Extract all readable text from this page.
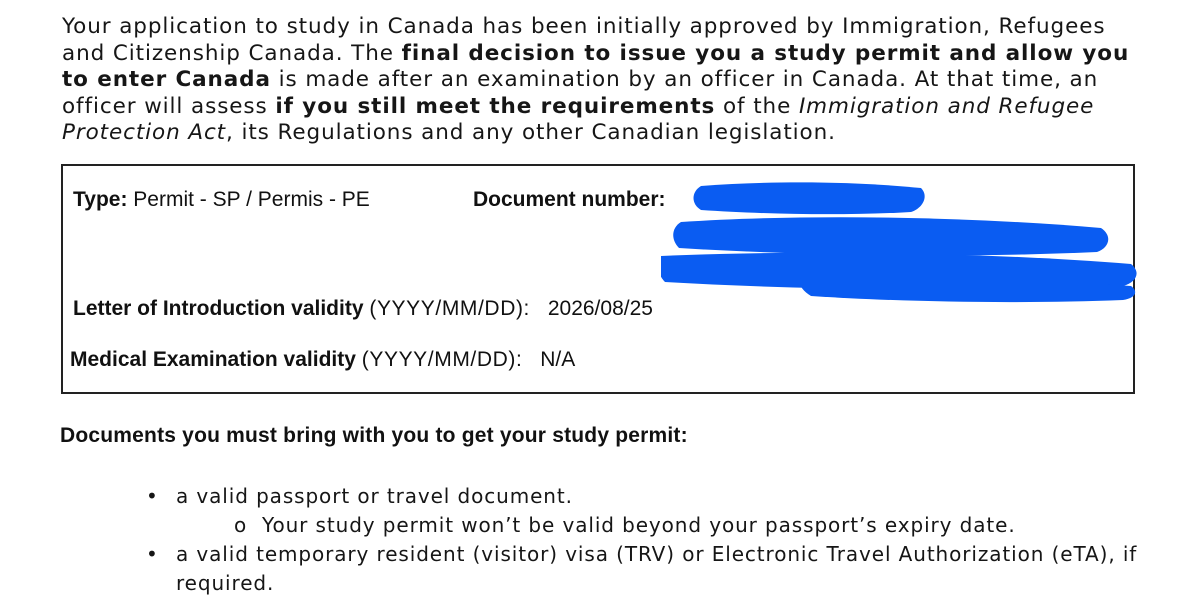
Your application to study in Canada has been initially approved by Immigration, Refugees and Citizenship Canada. The final decision to issue you a study permit and allow you to enter Canada is made after an examination by an officer in Canada. At that time, an officer will assess if you still meet the requirements of the Immigration and Refugee Protection Act, its Regulations and any other Canadian legislation.

Type: Permit - SP / Permis - PE	Document number:
Letter of Introduction validity (YYYY/MM/DD): 2026/08/25
Medical Examination validity (YYYY/MM/DD): N/A
Documents you must bring with you to get your study permit:
• a valid passport or travel document.
o Your study permit won’t be valid beyond your passport’s expiry date.
• a valid temporary resident (visitor) visa (TRV) or Electronic Travel Authorization (eTA), if required.
